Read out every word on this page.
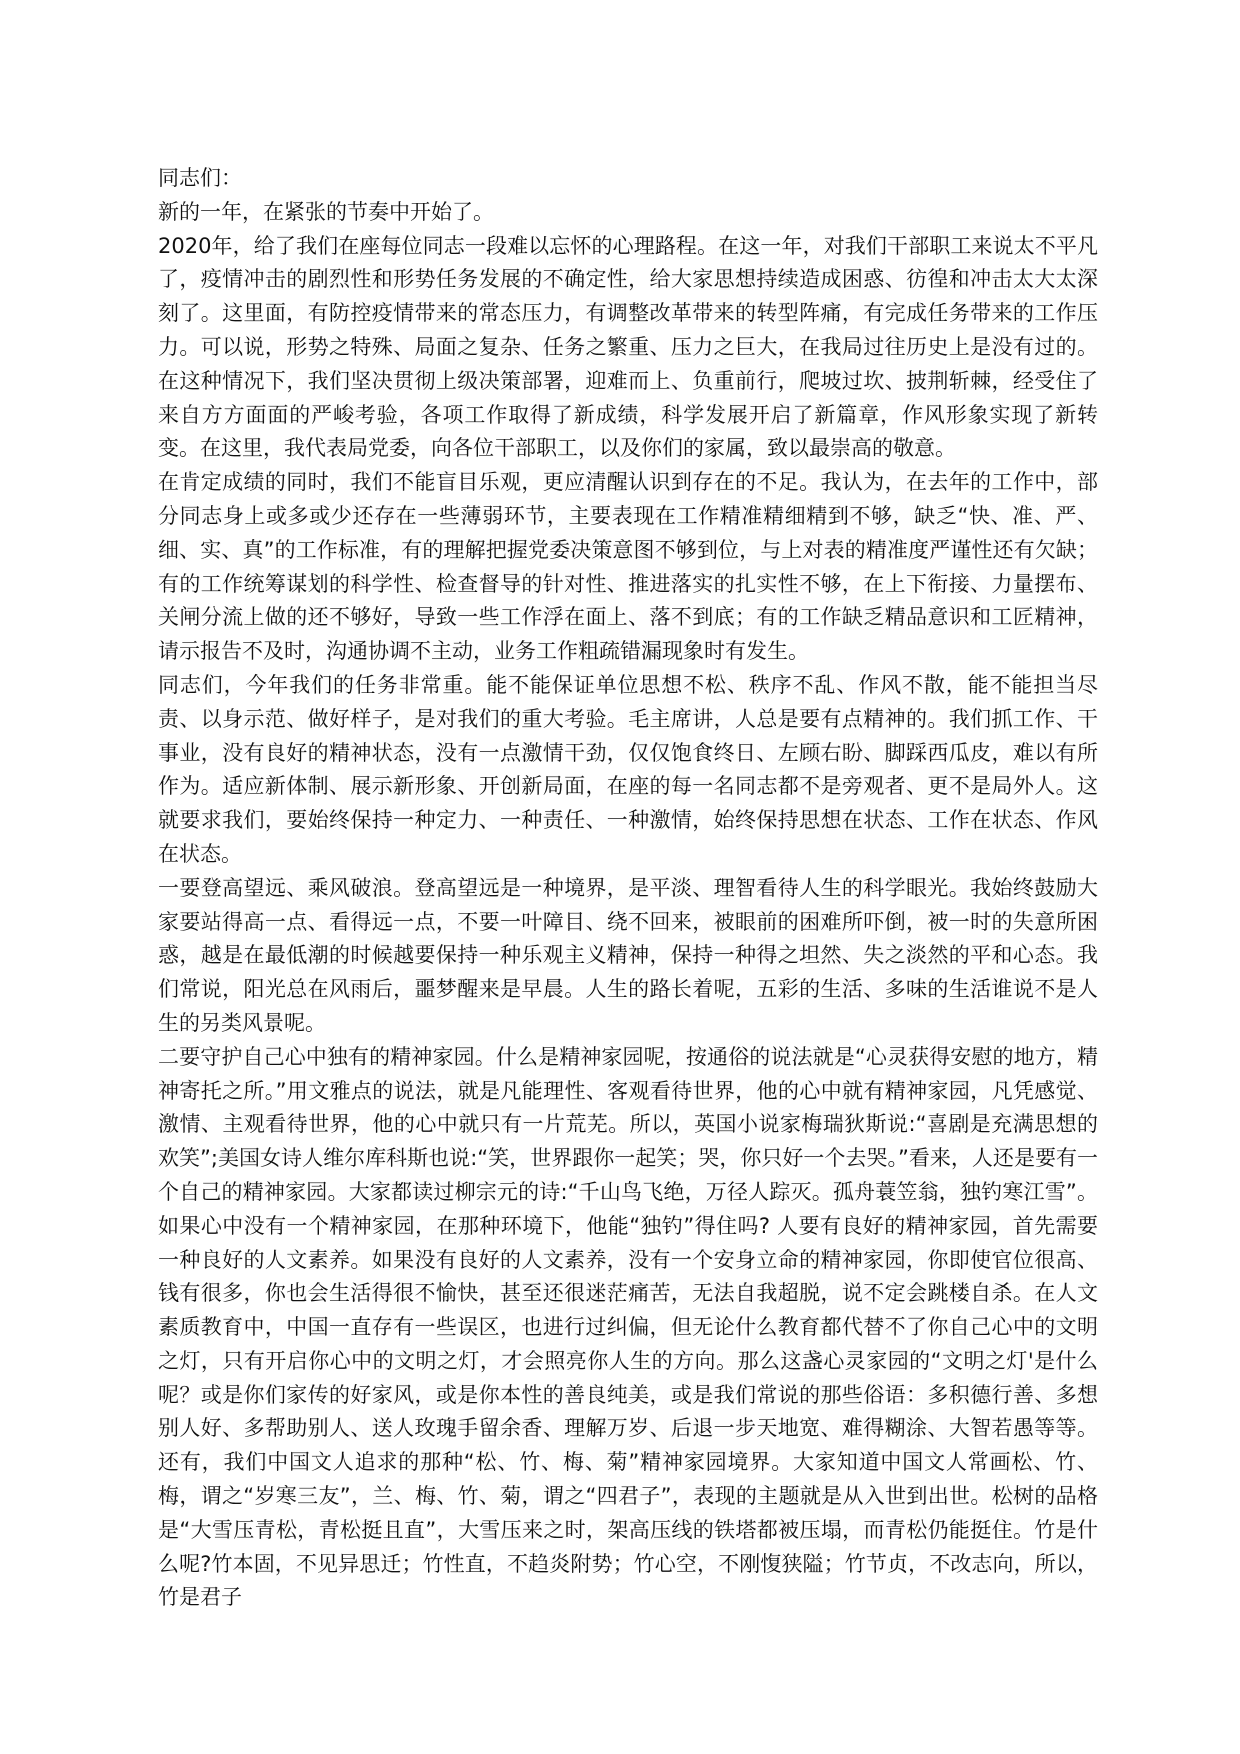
同志们：

新的一年，在紧张的节奏中开始了。

2020年，给了我们在座每位同志一段难以忘怀的心理路程。在这一年，对我们干部职工来说太不平凡了，疫情冲击的剧烈性和形势任务发展的不确定性，给大家思想持续造成困惑、彷徨和冲击太大太深刻了。这里面，有防控疫情带来的常态压力，有调整改革带来的转型阵痛，有完成任务带来的工作压力。可以说，形势之特殊、局面之复杂、任务之繁重、压力之巨大，在我局过往历史上是没有过的。在这种情况下，我们坚决贯彻上级决策部署，迎难而上、负重前行，爬坡过坎、披荆斩棘，经受住了来自方方面面的严峻考验，各项工作取得了新成绩，科学发展开启了新篇章，作风形象实现了新转变。在这里，我代表局党委，向各位干部职工，以及你们的家属，致以最崇高的敬意。

在肯定成绩的同时，我们不能盲目乐观，更应清醒认识到存在的不足。我认为，在去年的工作中，部分同志身上或多或少还存在一些薄弱环节，主要表现在工作精准精细精到不够，缺乏“快、准、严、细、实、真”的工作标准，有的理解把握党委决策意图不够到位，与上对表的精准度严谨性还有欠缺；有的工作统筹谋划的科学性、检查督导的针对性、推进落实的扎实性不够，在上下衔接、力量摆布、关闸分流上做的还不够好，导致一些工作浮在面上、落不到底；有的工作缺乏精品意识和工匠精神，请示报告不及时，沟通协调不主动，业务工作粗疏错漏现象时有发生。

同志们，今年我们的任务非常重。能不能保证单位思想不松、秩序不乱、作风不散，能不能担当尽责、以身示范、做好样子，是对我们的重大考验。毛主席讲，人总是要有点精神的。我们抓工作、干事业，没有良好的精神状态，没有一点激情干劲，仅仅饱食终日、左顾右盼、脚踩西瓜皮，难以有所作为。适应新体制、展示新形象、开创新局面，在座的每一名同志都不是旁观者、更不是局外人。这就要求我们，要始终保持一种定力、一种责任、一种激情，始终保持思想在状态、工作在状态、作风在状态。

一要登高望远、乘风破浪。登高望远是一种境界，是平淡、理智看待人生的科学眼光。我始终鼓励大家要站得高一点、看得远一点，不要一叶障目、绕不回来，被眼前的困难所吓倒，被一时的失意所困惑，越是在最低潮的时候越要保持一种乐观主义精神，保持一种得之坦然、失之淡然的平和心态。我们常说，阳光总在风雨后，噩梦醒来是早晨。人生的路长着呢，五彩的生活、多味的生活谁说不是人生的另类风景呢。

二要守护自己心中独有的精神家园。什么是精神家园呢，按通俗的说法就是“心灵获得安慰的地方，精神寄托之所。”用文雅点的说法，就是凡能理性、客观看待世界，他的心中就有精神家园，凡凭感觉、激情、主观看待世界，他的心中就只有一片荒芜。所以，英国小说家梅瑞狄斯说:“喜剧是充满思想的欢笑”;美国女诗人维尔库科斯也说:“笑，世界跟你一起笑；哭，你只好一个去哭。”看来，人还是要有一个自己的精神家园。大家都读过柳宗元的诗:“千山鸟飞绝，万径人踪灭。孤舟蓑笠翁，独钓寒江雪”。如果心中没有一个精神家园，在那种环境下，他能“独钓”得住吗? 人要有良好的精神家园，首先需要一种良好的人文素养。如果没有良好的人文素养，没有一个安身立命的精神家园，你即使官位很高、钱有很多，你也会生活得很不愉快，甚至还很迷茫痛苦，无法自我超脱，说不定会跳楼自杀。在人文素质教育中，中国一直存有一些误区，也进行过纠偏，但无论什么教育都代替不了你自己心中的文明之灯，只有开启你心中的文明之灯，才会照亮你人生的方向。那么这盏心灵家园的“文明之灯'是什么呢？或是你们家传的好家风，或是你本性的善良纯美，或是我们常说的那些俗语：多积德行善、多想别人好、多帮助别人、送人玫瑰手留余香、理解万岁、后退一步天地宽、难得糊涂、大智若愚等等。还有，我们中国文人追求的那种“松、竹、梅、菊”精神家园境界。大家知道中国文人常画松、竹、梅，谓之“岁寒三友”，兰、梅、竹、菊，谓之“四君子”，表现的主题就是从入世到出世。松树的品格是“大雪压青松，青松挺且直”，大雪压来之时，架高压线的铁塔都被压塌，而青松仍能挺住。竹是什么呢?竹本固，不见异思迁；竹性直，不趋炎附势；竹心空，不刚愎狭隘；竹节贞，不改志向，所以，竹是君子
